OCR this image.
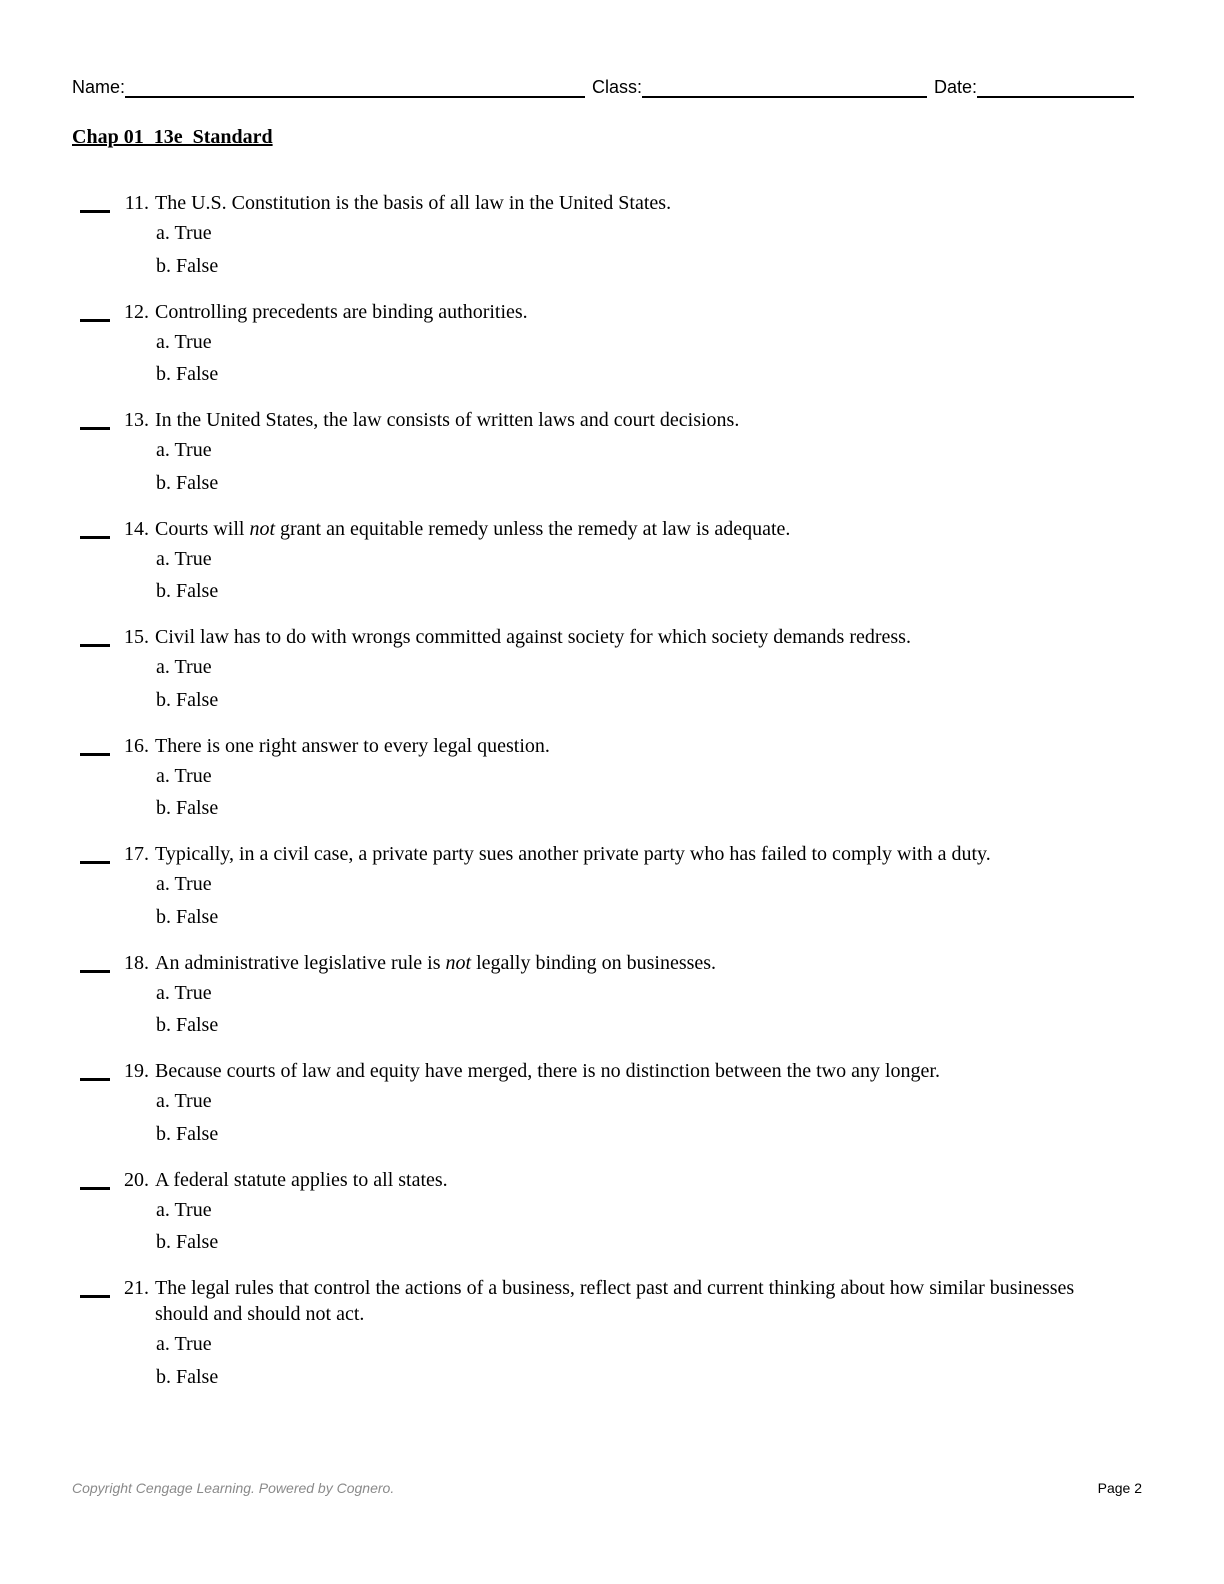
Name:	Class:	Date:
Chap 01_13e_Standard
11. The U.S. Constitution is the basis of all law in the United States.
a. True
b. False
12. Controlling precedents are binding authorities.
a. True
b. False
13. In the United States, the law consists of written laws and court decisions.
a. True
b. False
14. Courts will not grant an equitable remedy unless the remedy at law is adequate.
a. True
b. False
15. Civil law has to do with wrongs committed against society for which society demands redress.
a. True
b. False
16. There is one right answer to every legal question.
a. True
b. False
17. Typically, in a civil case, a private party sues another private party who has failed to comply with a duty.
a. True
b. False
18. An administrative legislative rule is not legally binding on businesses.
a. True
b. False
19. Because courts of law and equity have merged, there is no distinction between the two any longer.
a. True
b. False
20. A federal statute applies to all states.
a. True
b. False
21. The legal rules that control the actions of a business, reflect past and current thinking about how similar businesses should and should not act.
a. True
b. False
Copyright Cengage Learning. Powered by Cognero.	Page 2
